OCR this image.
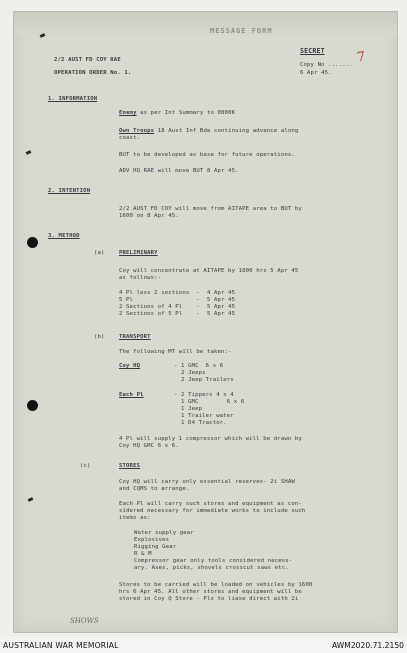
MESSAGE FORM
SECRET
Copy No .......
6 Apr 45.
2/2 AUST FD COY RAE
OPERATION ORDER No. 1.
1. INFORMATION
Enemy as per Int Summary to 0800K
Own Troops 18 Aust Inf Bde continuing advance along
coast.
BUT to be developed as base for future operations.
ADV HQ RAE will move BUT 8 Apr 45.
2. INTENTION
2/2 AUST FD COY will move from AITAPE area to BUT by
1600 on 8 Apr 45.
3. METHOD
(a)	PRELIMINARY
Coy will concentrate at AITAPE by 1800 hrs 5 Apr 45
as follows:-
4 Pl less 2 sections  -  4 Apr 45
5 Pl                  -  5 Apr 45
2 Sections of 4 Pl    -  5 Apr 45
2 Sections of 5 Pl    -  5 Apr 45
(b)	TRANSPORT
The following MT will be taken:-
Coy HQ	- 1 GMC  6 x 6
2 Jeeps
2 Jeep Trailers
Each Pl	- 2 Tippers 4 x 4
1 GMC        6 x 6
1 Jeep
1 Trailer water
1 D4 Tractor.
4 Pl will supply 1 compressor which will be drawn by
Coy HQ GMC 6 x 6.
(c)	STORES
Coy HQ will carry only essential reserves- 2i SHAW
and CQMS to arrange.
Each Pl will carry such stores and equipment as con-
sidered necessary for immediate works to include such
items as:
Water supply gear
Explosives
Rigging Gear
R & M
Compressor gear only tools considered necess-
ary. Axes, picks, shovels crosscut saws etc.
Stores to be carried will be loaded on vehicles by 1600
hrs 6 Apr 45. All other stores and equipment will be
stored in Coy Q Store - Pls to liase direct with 2i
7
SHOWS
AUSTRALIAN WAR MEMORIAL	AWM2020.71.2150
